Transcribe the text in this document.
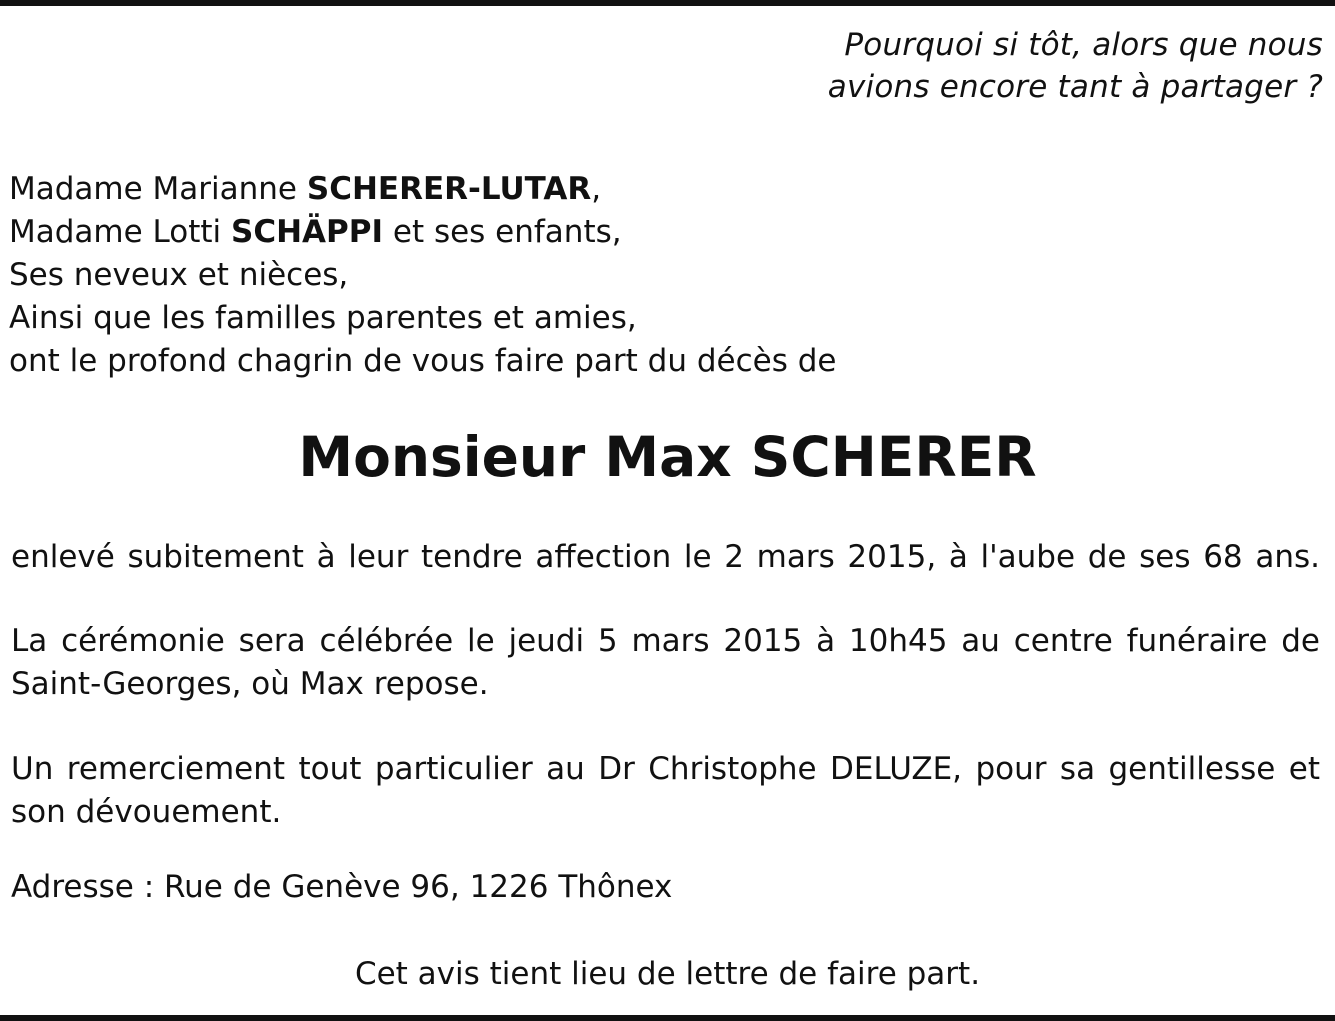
Pourquoi si tôt, alors que nous
avions encore tant à partager ?
Madame Marianne SCHERER-LUTAR,
Madame Lotti SCHÄPPI et ses enfants,
Ses neveux et nièces,
Ainsi que les familles parentes et amies,
ont le profond chagrin de vous faire part du décès de
Monsieur Max SCHERER
enlevé subitement à leur tendre affection le 2 mars 2015, à l'aube de ses 68 ans.
La cérémonie sera célébrée le jeudi 5 mars 2015 à 10h45 au centre funéraire de Saint-Georges, où Max repose.
Un remerciement tout particulier au Dr Christophe DELUZE, pour sa gentillesse et son dévouement.
Adresse : Rue de Genève 96, 1226 Thônex
Cet avis tient lieu de lettre de faire part.
